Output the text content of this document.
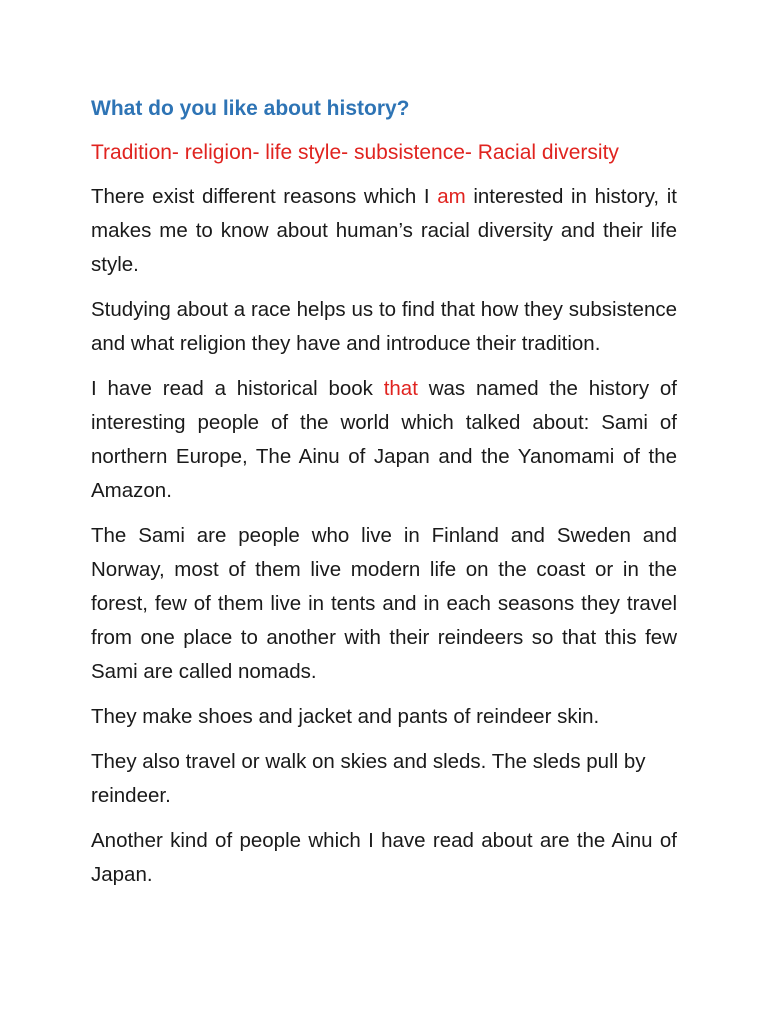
What do you like about history?
Tradition- religion- life style- subsistence- Racial diversity

There exist different reasons which I am interested in history, it makes me to know about human’s racial diversity and their life style.

Studying about a race helps us to find that how they subsistence and what religion they have and introduce their tradition.

I have read a historical book that was named the history of interesting people of the world which talked about: Sami of northern Europe, The Ainu of Japan and the Yanomami of the Amazon.

The Sami are people who live in Finland and Sweden and Norway, most of them live modern life on the coast or in the forest, few of them live in tents and in each seasons they travel from one place to another with their reindeers so that this few Sami are called nomads.

They make shoes and jacket and pants of reindeer skin.

They also travel or walk on skies and sleds. The sleds pull by reindeer.

Another kind of people which I have read about are the Ainu of Japan.
